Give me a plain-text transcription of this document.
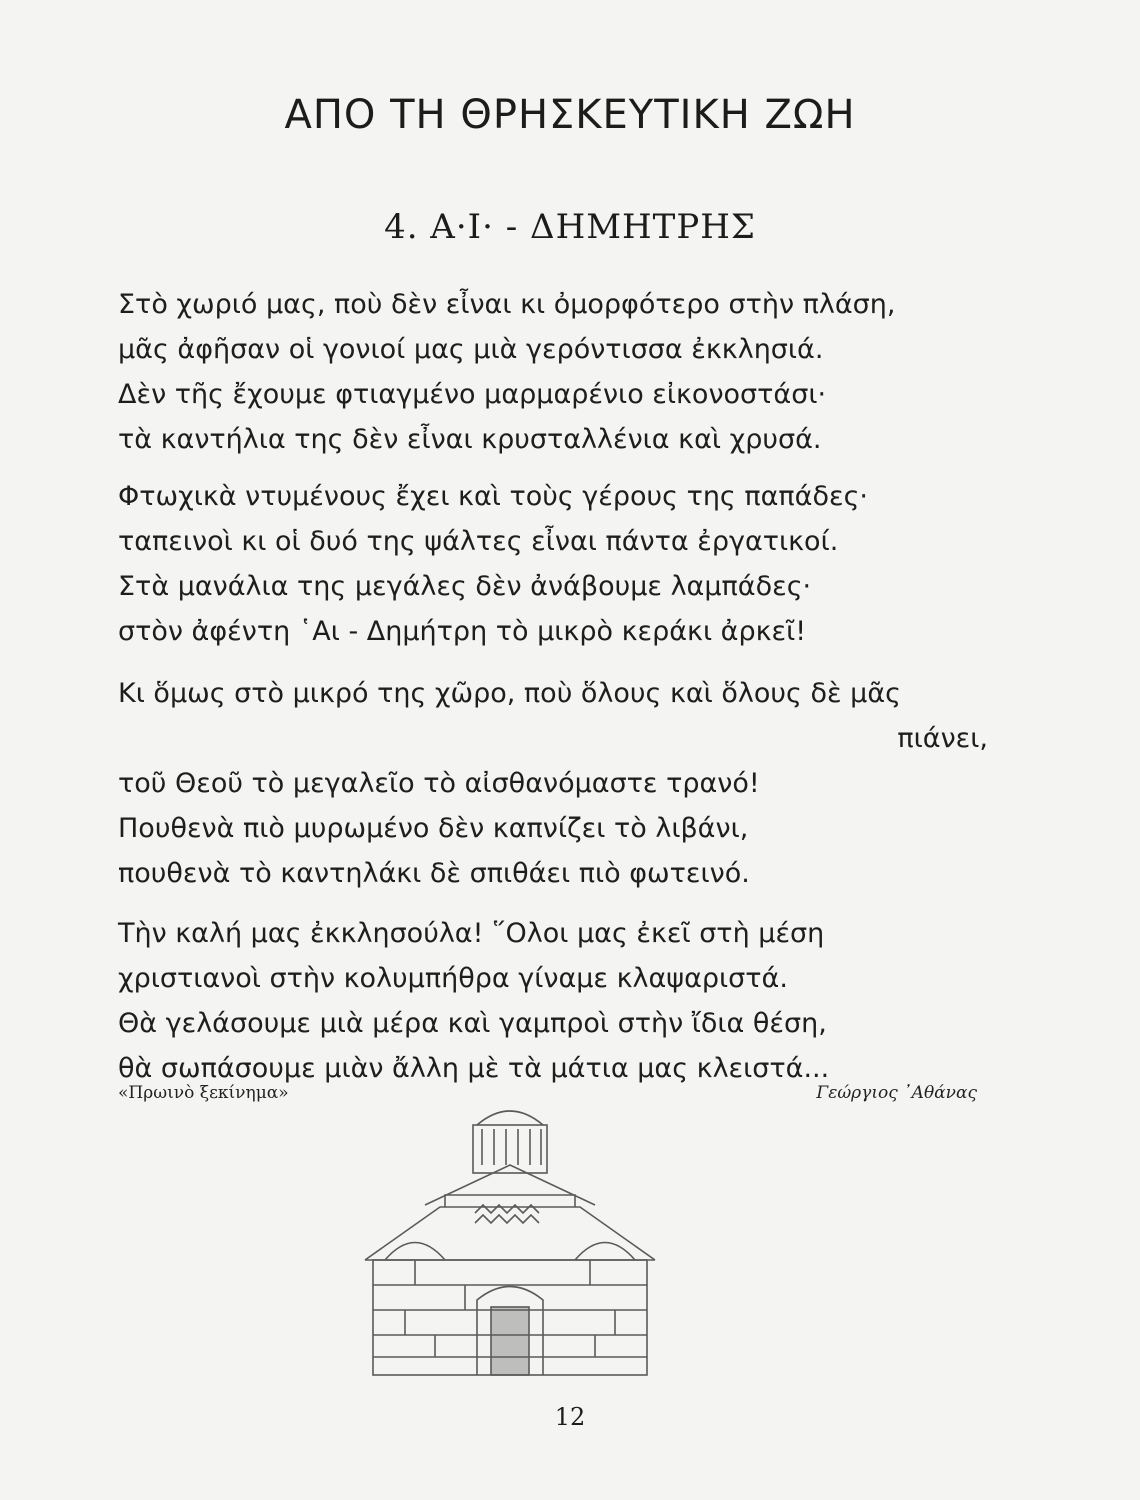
ΑΠΟ ΤΗ ΘΡΗΣΚΕΥΤΙΚΗ ΖΩΗ
4. Α·Ι· - ΔΗΜΗΤΡΗΣ
Στὸ χωριό μας, ποὺ δὲν εἶναι κι ὀμορφότερο στὴν πλάση,
μᾶς ἀφῆσαν οἱ γονιοί μας μιὰ γερόντισσα ἐκκλησιά.
Δὲν τῆς ἔχουμε φτιαγμένο μαρμαρένιο εἰκονοστάσι·
τὰ καντήλια της δὲν εἶναι κρυσταλλένια καὶ χρυσά.
Φτωχικὰ ντυμένους ἔχει καὶ τοὺς γέρους της παπάδες·
ταπεινοὶ κι οἱ δυό της ψάλτες εἶναι πάντα ἐργατικοί.
Στὰ μανάλια της μεγάλες δὲν ἀνάβουμε λαμπάδες·
στὸν ἀφέντη ῾Αι - Δημήτρη τὸ μικρὸ κεράκι ἀρκεῖ!
Κι ὅμως στὸ μικρό της χῶρο, ποὺ ὅλους καὶ ὅλους δὲ μᾶς
πιάνει,
τοῦ Θεοῦ τὸ μεγαλεῖο τὸ αἰσθανόμαστε τρανό!
Πουθενὰ πιὸ μυρωμένο δὲν καπνίζει τὸ λιβάνι,
πουθενὰ τὸ καντηλάκι δὲ σπιθάει πιὸ φωτεινό.
Τὴν καλή μας ἐκκλησούλα! ῞Ολοι μας ἐκεῖ στὴ μέση
χριστιανοὶ στὴν κολυμπήθρα γίναμε κλαψαριστά.
Θὰ γελάσουμε μιὰ μέρα καὶ γαμπροὶ στὴν ἴδια θέση,
θὰ σωπάσουμε μιὰν ἄλλη μὲ τὰ μάτια μας κλειστά...
«Πρωινὸ ξεκίνημα»	Γεώργιος ᾿Αθάνας
12
